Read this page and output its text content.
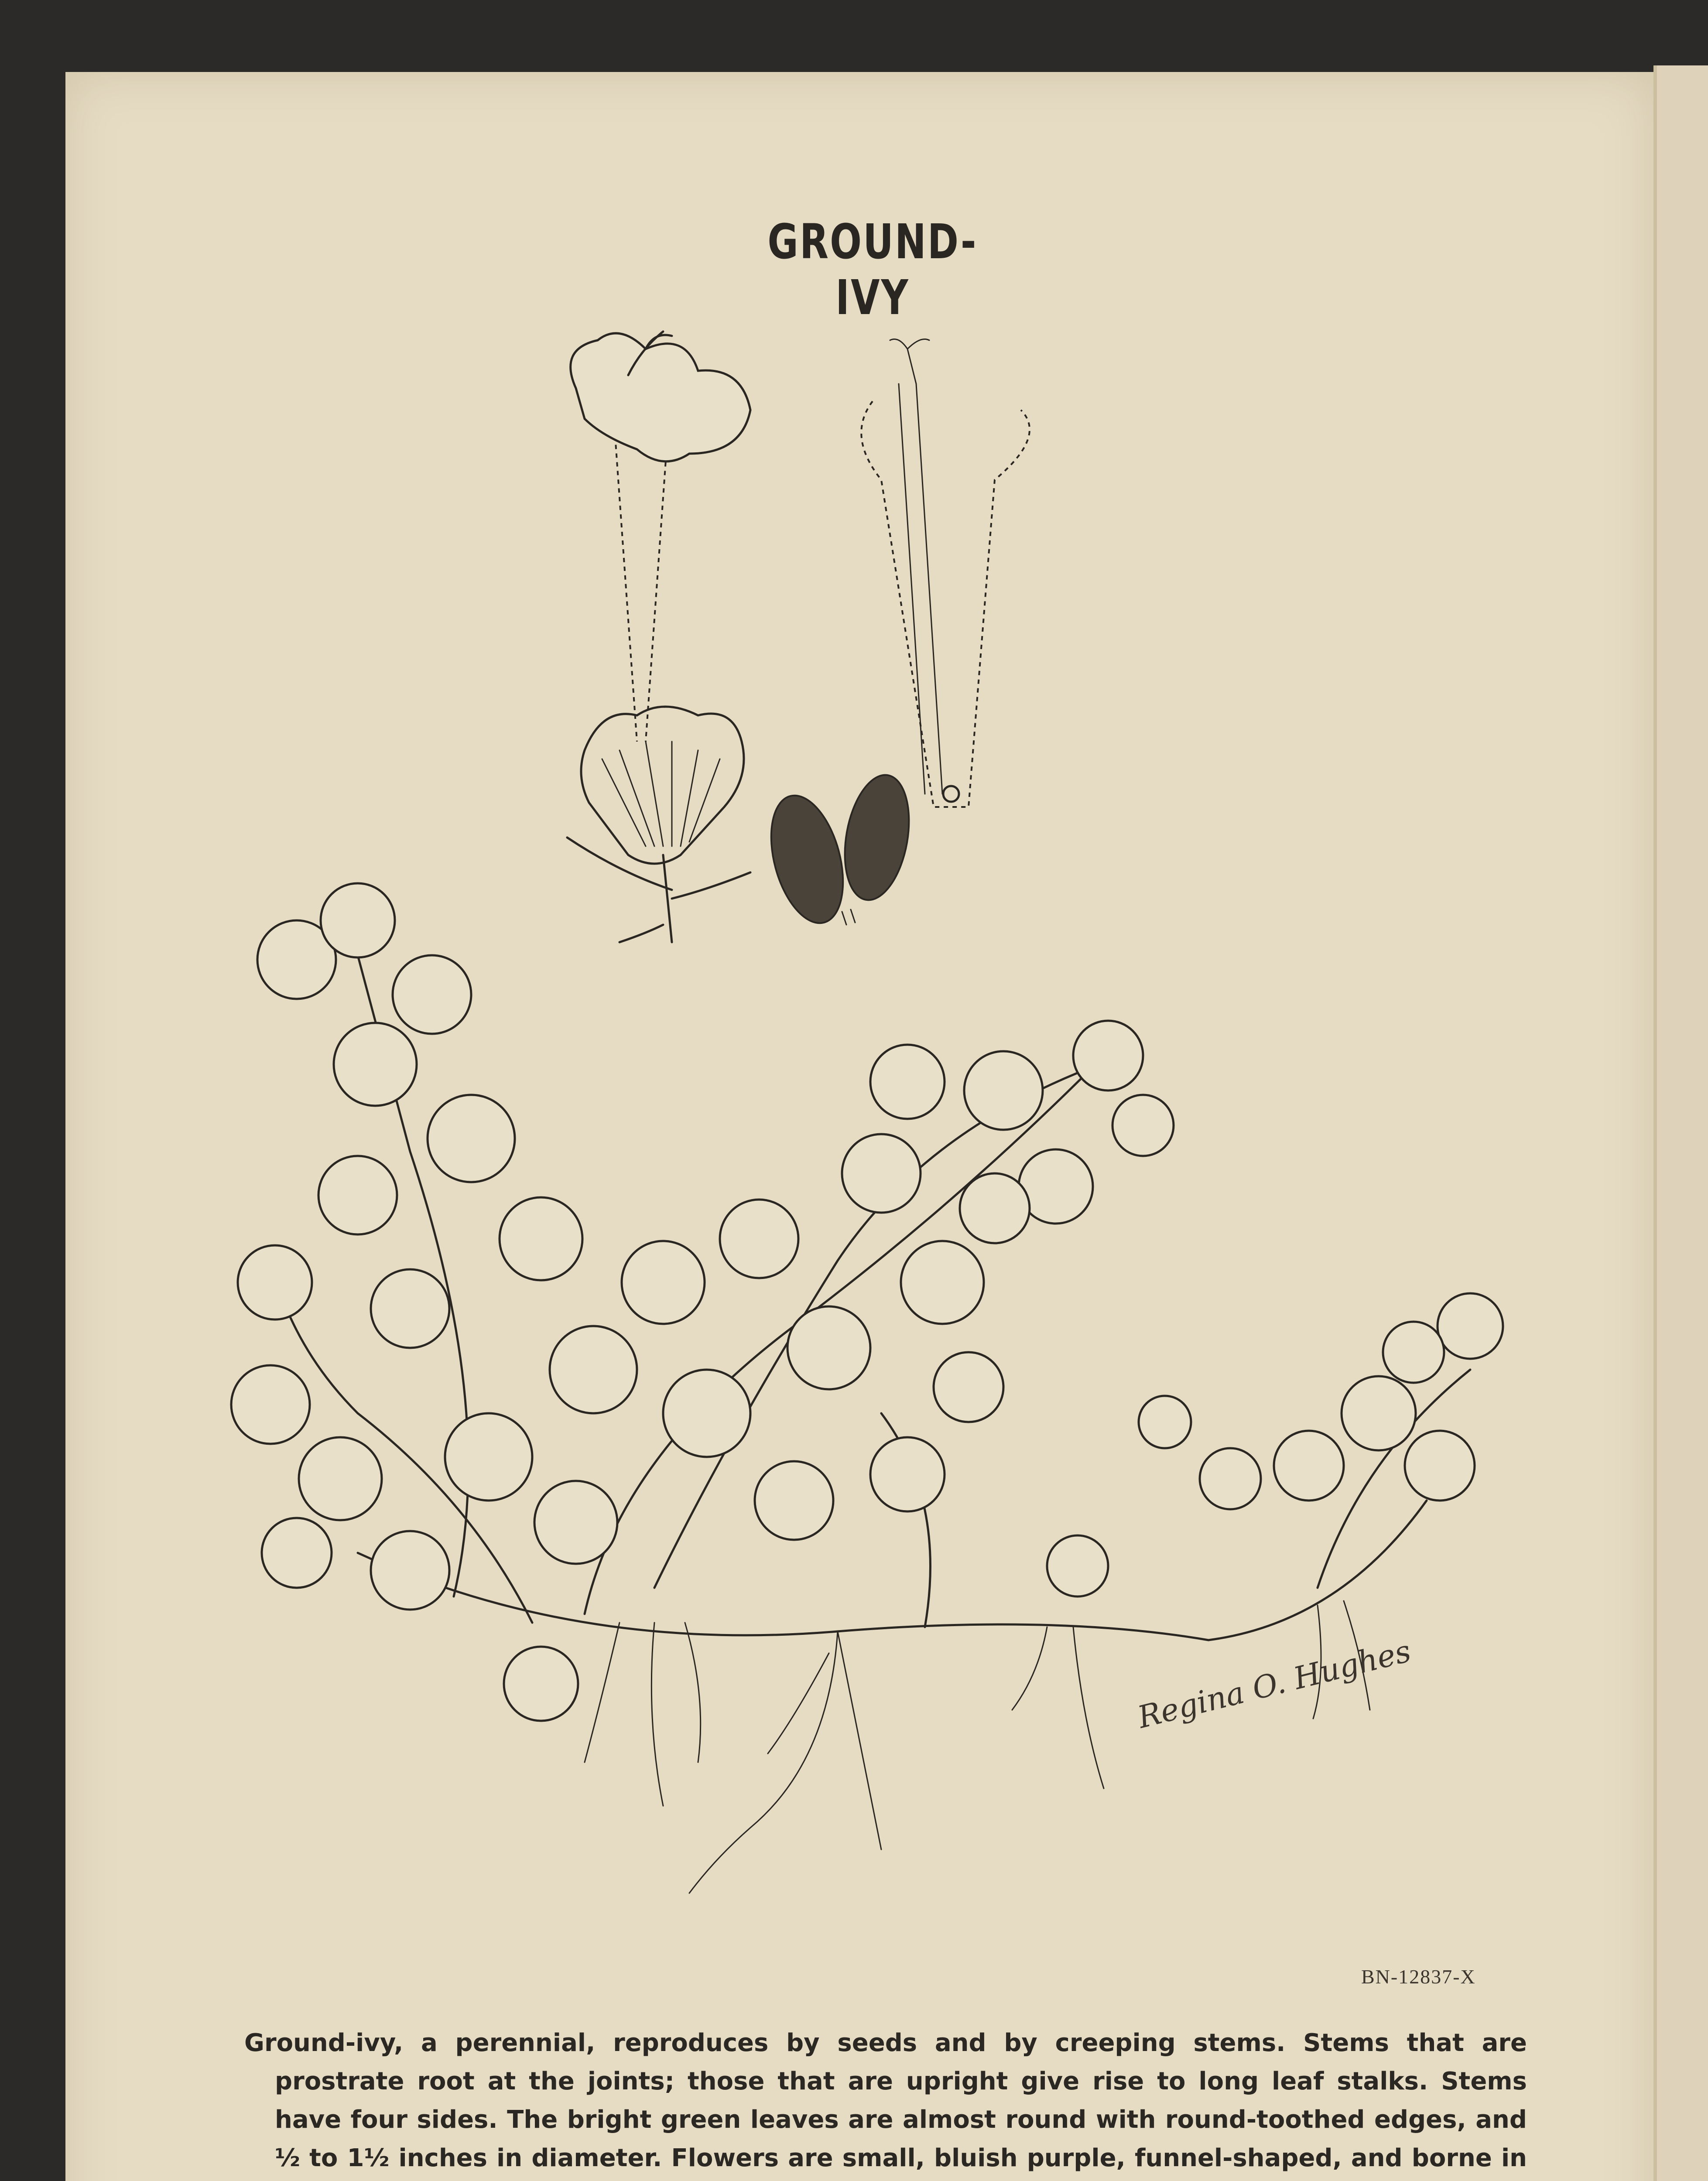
GROUND-IVY
Regina O. Hughes
BN-12837-X
Ground-ivy, a perennial, reproduces by seeds and by creeping stems. Stems that are prostrate root at the joints; those that are upright give rise to long leaf stalks. Stems have four sides. The bright green leaves are almost round with round-toothed edges, and ½ to 1½ inches in diameter. Flowers are small, bluish purple, funnel-shaped, and borne in
